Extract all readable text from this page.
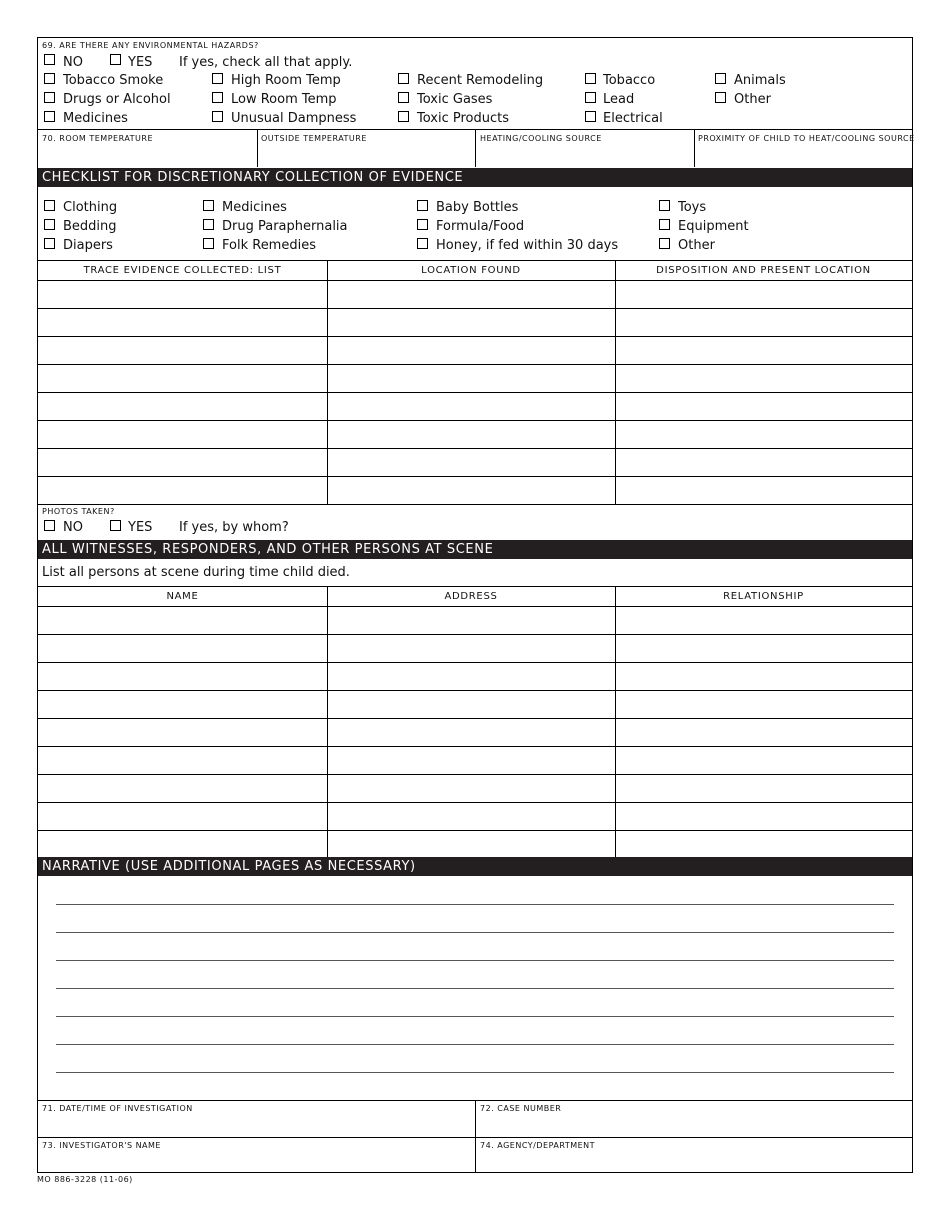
69. ARE THERE ANY ENVIRONMENTAL HAZARDS?
NO	YES If yes, check all that apply.
Tobacco Smoke
Drugs or Alcohol
Medicines
High Room Temp
Low Room Temp
Unusual Dampness
Recent Remodeling
Toxic Gases
Toxic Products
Tobacco
Lead
Electrical
Animals
Other
70. ROOM TEMPERATURE	OUTSIDE TEMPERATURE	HEATING/COOLING SOURCE	PROXIMITY OF CHILD TO HEAT/COOLING SOURCE
CHECKLIST FOR DISCRETIONARY COLLECTION OF EVIDENCE
Clothing
Bedding
Diapers
Medicines
Drug Paraphernalia
Folk Remedies
Baby Bottles
Formula/Food
Honey, if fed within 30 days
Toys
Equipment
Other
TRACE EVIDENCE COLLECTED: LIST	LOCATION FOUND	DISPOSITION AND PRESENT LOCATION
PHOTOS TAKEN?
NO	YES If yes, by whom?
ALL WITNESSES, RESPONDERS, AND OTHER PERSONS AT SCENE
List all persons at scene during time child died.
NAME	ADDRESS	RELATIONSHIP
NARRATIVE (USE ADDITIONAL PAGES AS NECESSARY)
71. DATE/TIME OF INVESTIGATION	72. CASE NUMBER
73. INVESTIGATOR'S NAME	74. AGENCY/DEPARTMENT
MO 886-3228 (11-06)
